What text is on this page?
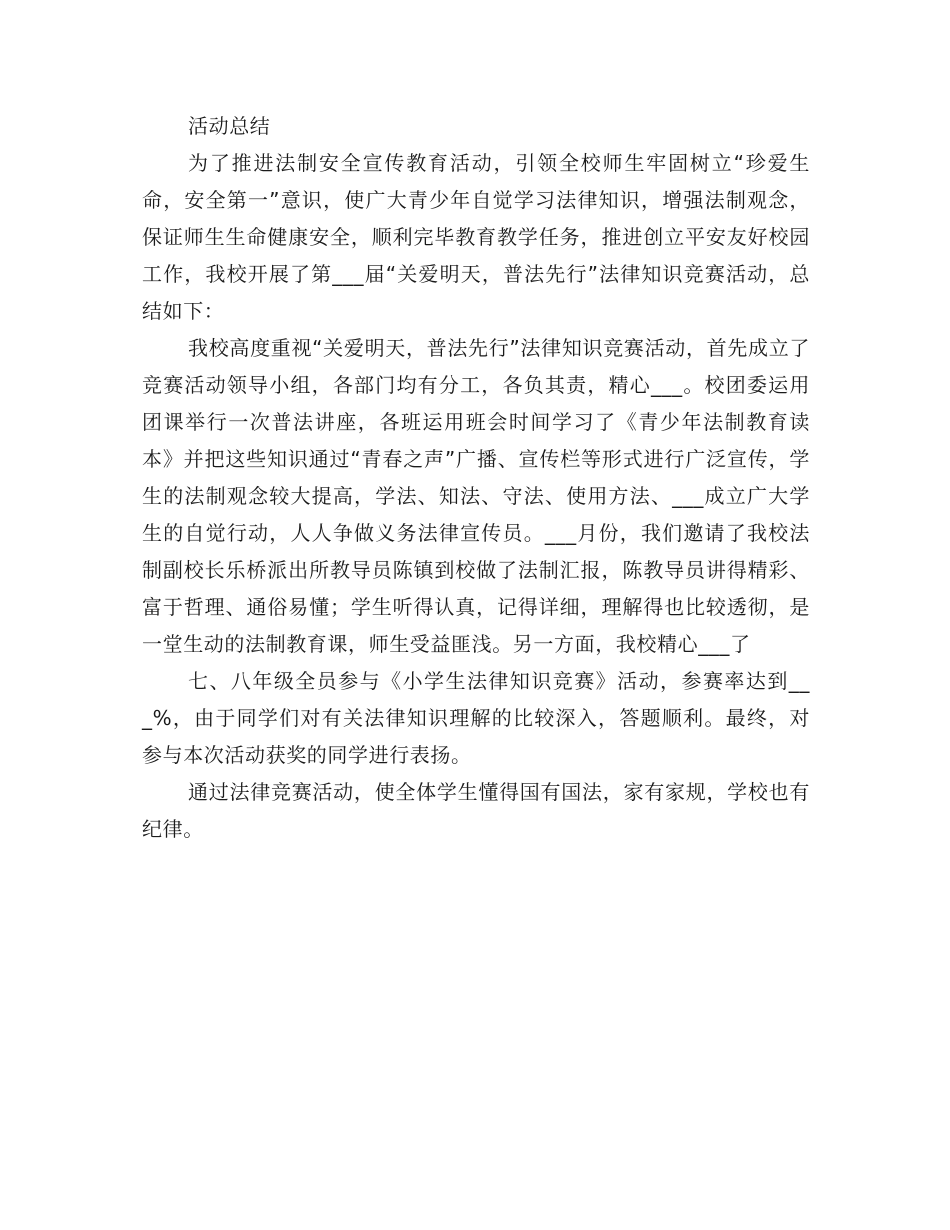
活动总结

为了推进法制安全宣传教育活动，引领全校师生牢固树立“珍爱生命，安全第一”意识，使广大青少年自觉学习法律知识，增强法制观念，保证师生生命健康安全，顺利完毕教育教学任务，推进创立平安友好校园工作，我校开展了第___届“关爱明天，普法先行”法律知识竞赛活动，总结如下：

我校高度重视“关爱明天，普法先行”法律知识竞赛活动，首先成立了竞赛活动领导小组，各部门均有分工，各负其责，精心___。校团委运用团课举行一次普法讲座，各班运用班会时间学习了《青少年法制教育读本》并把这些知识通过“青春之声”广播、宣传栏等形式进行广泛宣传，学生的法制观念较大提高，学法、知法、守法、使用方法、___成立广大学生的自觉行动，人人争做义务法律宣传员。___月份，我们邀请了我校法制副校长乐桥派出所教导员陈镇到校做了法制汇报，陈教导员讲得精彩、富于哲理、通俗易懂；学生听得认真，记得详细，理解得也比较透彻，是一堂生动的法制教育课，师生受益匪浅。另一方面，我校精心___了

七、八年级全员参与《小学生法律知识竞赛》活动，参赛率达到___%，由于同学们对有关法律知识理解的比较深入，答题顺利。最终，对参与本次活动获奖的同学进行表扬。

通过法律竞赛活动，使全体学生懂得国有国法，家有家规，学校也有纪律。
